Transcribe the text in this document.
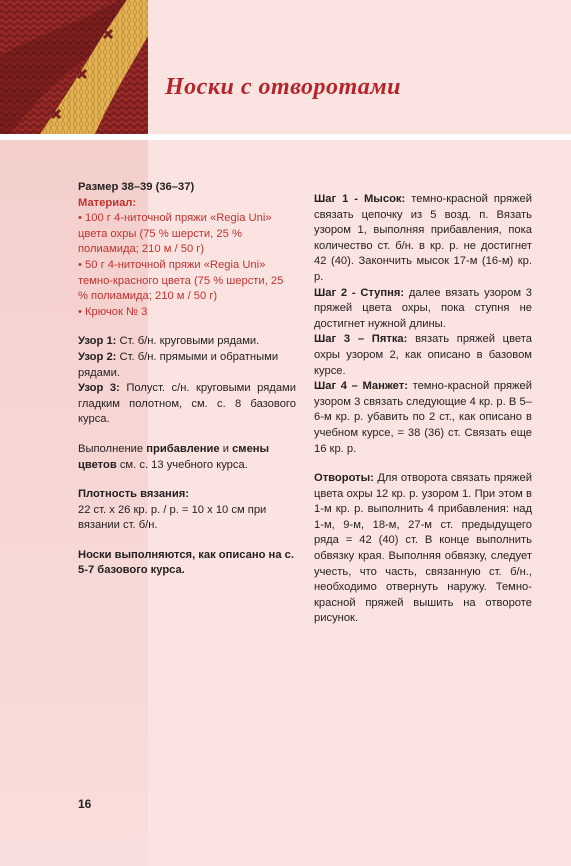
Носки с отворотами

Размер 38–39 (36–37)

Материал:

• 100 г 4-ниточной пряжи «Regia Uni» цвета охры (75 % шерсти, 25 % полиамида; 210 м / 50 г)
• 50 г 4-ниточной пряжи «Regia Uni» темно-красного цвета (75 % шерсти, 25 % полиамида; 210 м / 50 г)
• Крючок № 3

Узор 1: Ст. б/н. круговыми рядами.

Узор 2: Ст. б/н. прямыми и обратными рядами.

Узор 3: Полуст. с/н. круговыми рядами гладким полотном, см. с. 8 базового курса.

Выполнение прибавление и смены цветов см. с. 13 учебного курса.

Плотность вязания:

22 ст. x 26 кр. р. / р. = 10 x 10 см при вязании ст. б/н.

Носки выполняются, как описано на с. 5-7 базового курса.

Шаг 1 - Мысок: темно-красной пряжей связать цепочку из 5 возд. п. Вязать узором 1, выполняя прибавления, пока количество ст. б/н. в кр. р. не достигнет 42 (40). Закончить мысок 17-м (16-м) кр. р.

Шаг 2 - Ступня: далее вязать узором 3 пряжей цвета охры, пока ступня не достигнет нужной длины.

Шаг 3 – Пятка: вязать пряжей цвета охры узором 2, как описано в базовом курсе.

Шаг 4 – Манжет: темно-красной пряжей узором 3 связать следующие 4 кр. р. В 5–6-м кр. р. убавить по 2 ст., как описано в учебном курсе, = 38 (36) ст. Связать еще 16 кр. р.

Отвороты: Для отворота связать пряжей цвета охры 12 кр. р. узором 1. При этом в 1-м кр. р. выполнить 4 прибавления: над 1-м, 9-м, 18-м, 27-м ст. предыдущего ряда = 42 (40) ст. В конце выполнить обвязку края. Выполняя обвязку, следует учесть, что часть, связанную ст. б/н., необходимо отвернуть наружу. Темно-красной пряжей вышить на отвороте рисунок.

16
